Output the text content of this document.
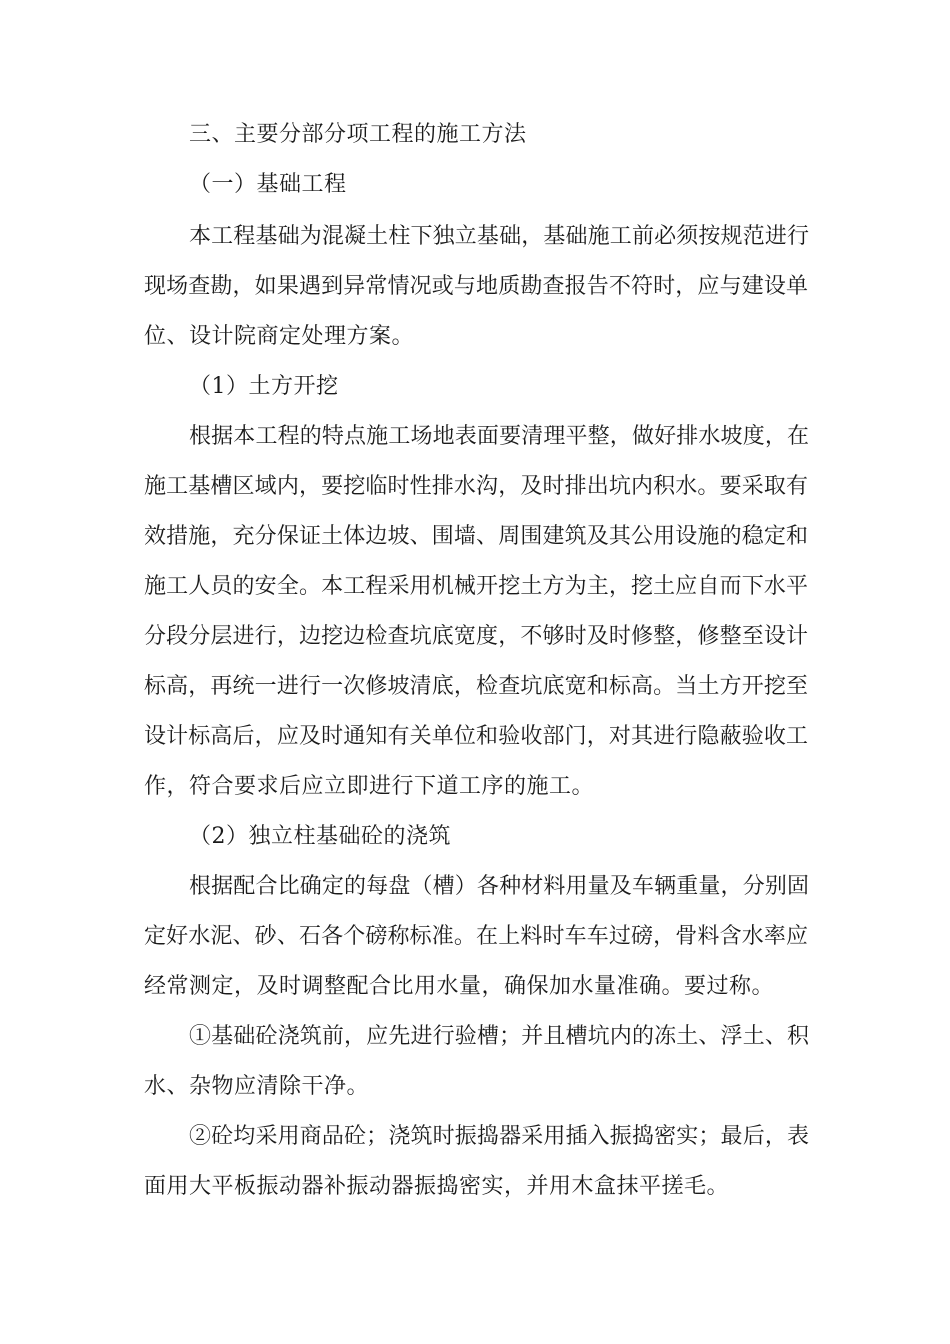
三、主要分部分项工程的施工方法
（一）基础工程
本工程基础为混凝土柱下独立基础，基础施工前必须按规范进行
现场查勘，如果遇到异常情况或与地质勘查报告不符时，应与建设单
位、设计院商定处理方案。
（1）土方开挖
根据本工程的特点施工场地表面要清理平整，做好排水坡度，在
施工基槽区域内，要挖临时性排水沟，及时排出坑内积水。要采取有
效措施，充分保证土体边坡、围墙、周围建筑及其公用设施的稳定和
施工人员的安全。本工程采用机械开挖土方为主，挖土应自而下水平
分段分层进行，边挖边检查坑底宽度，不够时及时修整，修整至设计
标高，再统一进行一次修坡清底，检查坑底宽和标高。当土方开挖至
设计标高后，应及时通知有关单位和验收部门，对其进行隐蔽验收工
作，符合要求后应立即进行下道工序的施工。
（2）独立柱基础砼的浇筑
根据配合比确定的每盘（槽）各种材料用量及车辆重量，分别固
定好水泥、砂、石各个磅称标准。在上料时车车过磅，骨料含水率应
经常测定，及时调整配合比用水量，确保加水量准确。要过称。
①基础砼浇筑前，应先进行验槽；并且槽坑内的冻土、浮土、积
水、杂物应清除干净。
②砼均采用商品砼；浇筑时振捣器采用插入振捣密实；最后，表
面用大平板振动器补振动器振捣密实，并用木盒抹平搓毛。
